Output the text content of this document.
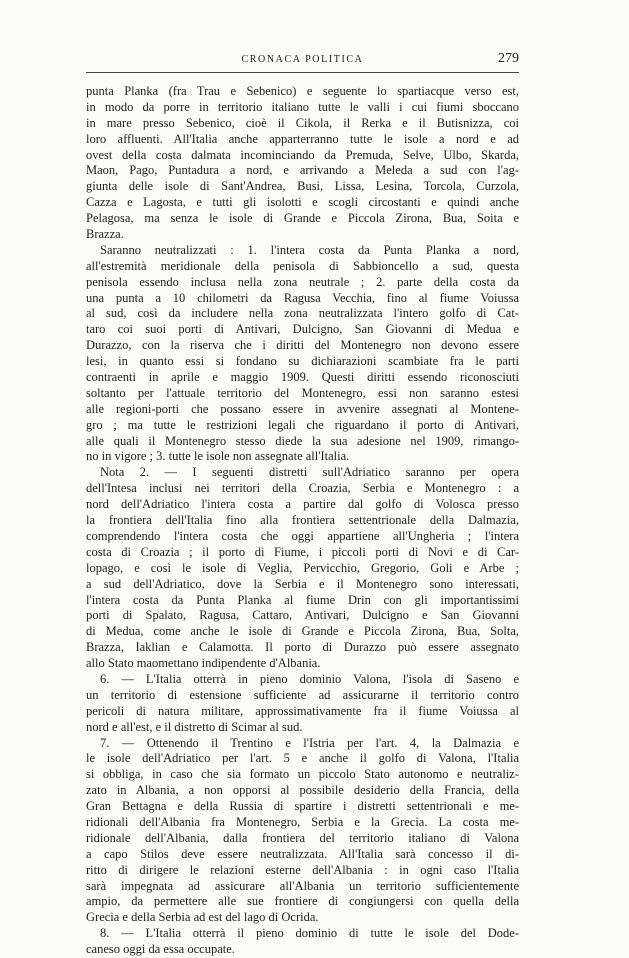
CRONACA POLITICA	279
punta Planka (fra Trau e Sebenico) e seguente lo spartiacque verso est,
in modo da porre in territorio italiano tutte le valli i cui fiumi sboccano
in mare presso Sebenico, cioè il Cikola, il Rerka e il Butisnizza, coi
loro affluenti. All'Italia anche apparterranno tutte le isole a nord e ad
ovest della costa dalmata incominciando da Premuda, Selve, Ulbo, Skarda,
Maon, Pago, Puntadura a nord, e arrivando a Meleda a sud con l'ag-
giunta delle isole di Sant'Andrea, Busi, Lissa, Lesina, Torcola, Curzola,
Cazza e Lagosta, e tutti gli isolotti e scogli circostanti e quindi anche
Pelagosa, ma senza le isole di Grande e Piccola Zirona, Bua, Soita e
Brazza.
Saranno neutralizzati : 1. l'intera costa da Punta Planka a nord,
all'estremità meridionale della penisola di Sabbioncello a sud, questa
penisola essendo inclusa nella zona neutrale ; 2. parte della costa da
una punta a 10 chilometri da Ragusa Vecchia, fino al fiume Voiussa
al sud, così da includere nella zona neutralizzata l'intero golfo di Cat-
taro coi suoi porti di Antivari, Dulcigno, San Giovanni di Medua e
Durazzo, con la riserva che i diritti del Montenegro non devono essere
lesi, in quanto essi si fondano su dichiarazioni scambiate fra le parti
contraenti in aprile e maggio 1909. Questi diritti essendo riconosciuti
soltanto per l'attuale territorio del Montenegro, essi non saranno estesi
alle regioni-porti che possano essere in avvenire assegnati al Montene-
gro ; ma tutte le restrizioni legali che riguardano il porto di Antivari,
alle quali il Montenegro stesso diede la sua adesione nel 1909, rimango-
no in vigore ; 3. tutte le isole non assegnate all'Italia.
Nota 2. — I seguenti distretti sull'Adriatico saranno per opera
dell'Intesa inclusi nei territori della Croazia, Serbia e Montenegro : a
nord dell'Adriatico l'intera costa a partire dal golfo di Volosca presso
la frontiera dell'Italia fino alla frontiera settentrionale della Dalmazia,
comprendendo l'intera costa che oggi appartiene all'Ungheria ; l'intera
costa di Croazia ; il porto di Fiume, i piccoli porti di Novi e di Car-
lopago, e così le isole di Veglia, Pervicchio, Gregorio, Goli e Arbe ;
a sud dell'Adriatico, dove la Serbia e il Montenegro sono interessati,
l'intera costa da Punta Planka al fiume Drin con gli importantissimi
porti di Spalato, Ragusa, Cattaro, Antivari, Dulcigno e San Giovanni
di Medua, come anche le isole di Grande e Piccola Zirona, Bua, Solta,
Brazza, Iaklian e Calamotta. Il porto di Durazzo può essere assegnato
allo Stato maomettano indipendente d'Albania.
6. — L'Italia otterrà in pieno dominio Valona, l'isola di Saseno e
un territorio di estensione sufficiente ad assicurarne il territorio contro
pericoli di natura militare, approssimativamente fra il fiume Voiussa al
nord e all'est, e il distretto di Scimar al sud.
7. — Ottenendo il Trentino e l'Istria per l'art. 4, la Dalmazia e
le isole dell'Adriatico per l'art. 5 e anche il golfo di Valona, l'Italia
si obbliga, in caso che sia formato un piccolo Stato autonomo e neutraliz-
zato in Albania, a non opporsi al possibile desiderio della Francia, della
Gran Bettagna e della Russia di spartire i distretti settentrionali e me-
ridionali dell'Albania fra Montenegro, Serbia e la Grecia. La costa me-
ridionale dell'Albania, dalla frontiera del territorio italiano di Valona
a capo Stilos deve essere neutralizzata. All'Italia sarà concesso il di-
ritto di dirigere le relazioni esterne dell'Albania : in ogni caso l'Italia
sarà impegnata ad assicurare all'Albania un territorio sufficientemente
ampio, da permettere alle sue frontiere di congiungersi con quella della
Grecia e della Serbia ad est del lago di Ocrida.
8. — L'Italia otterrà il pieno dominio di tutte le isole del Dode-
caneso oggi da essa occupate.
